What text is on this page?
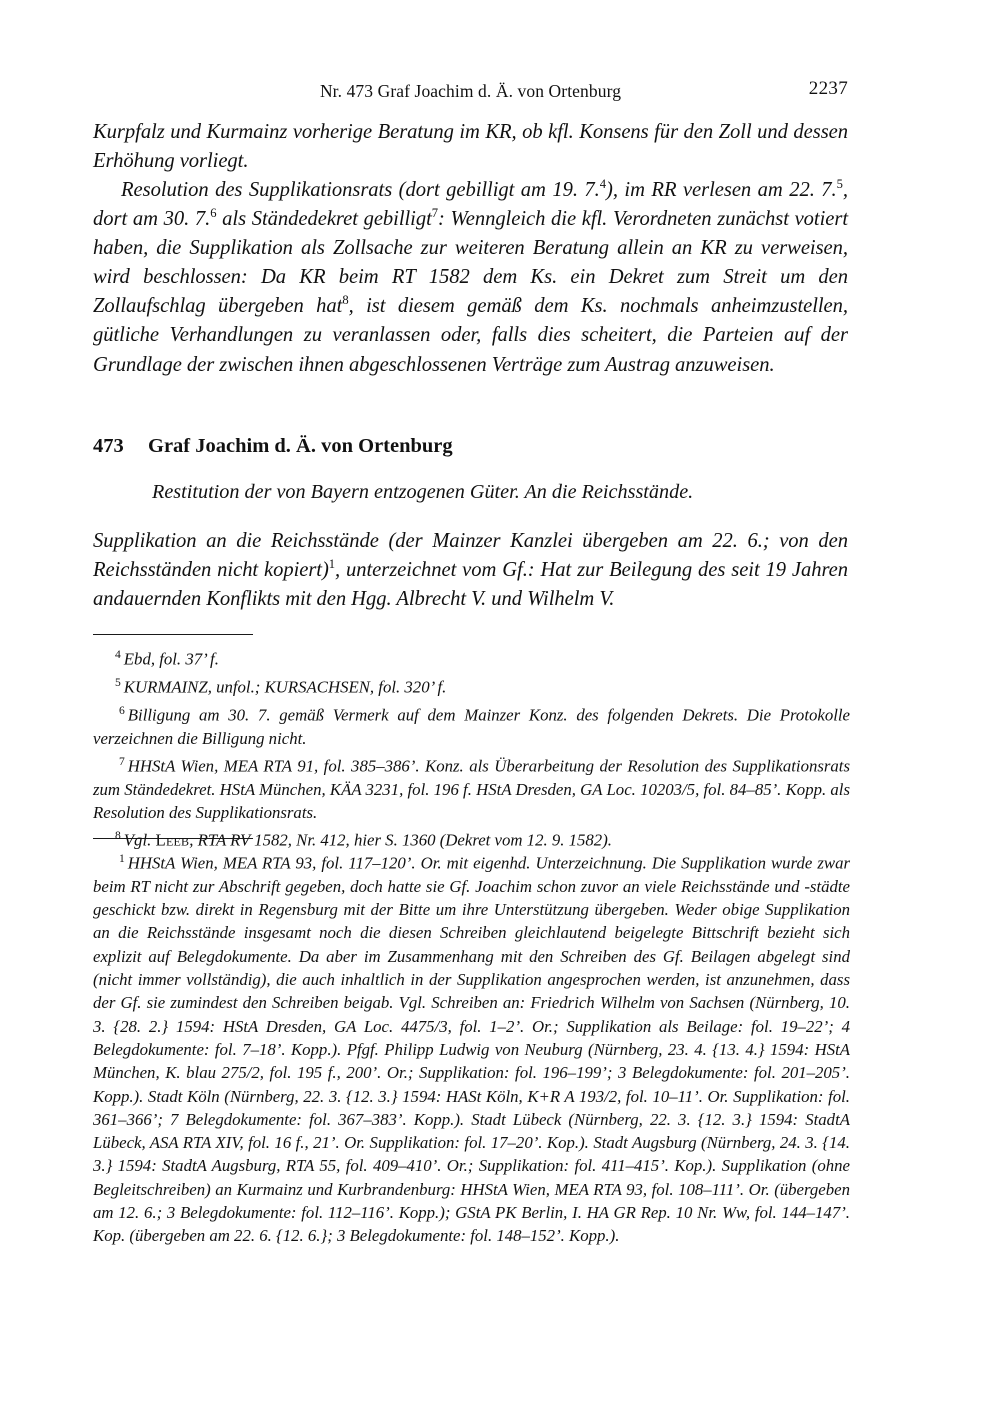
Nr. 473 Graf Joachim d. Ä. von Ortenburg	2237
Kurpfalz und Kurmainz vorherige Beratung im KR, ob kfl. Konsens für den Zoll und dessen Erhöhung vorliegt.
Resolution des Supplikationsrats (dort gebilligt am 19. 7.$^4$), im RR verlesen am 22. 7.$^5$, dort am 30. 7.$^6$ als Ständedekret gebilligt$^7$: Wenngleich die kfl. Verordneten zunächst votiert haben, die Supplikation als Zollsache zur weiteren Beratung allein an KR zu verweisen, wird beschlossen: Da KR beim RT 1582 dem Ks. ein Dekret zum Streit um den Zollaufschlag übergeben hat$^8$, ist diesem gemäß dem Ks. nochmals anheimzustellen, gütliche Verhandlungen zu veranlassen oder, falls dies scheitert, die Parteien auf der Grundlage der zwischen ihnen abgeschlossenen Verträge zum Austrag anzuweisen.
473 Graf Joachim d. Ä. von Ortenburg
Restitution der von Bayern entzogenen Güter. An die Reichsstände.
Supplikation an die Reichsstände (der Mainzer Kanzlei übergeben am 22. 6.; von den Reichsständen nicht kopiert)$^1$, unterzeichnet vom Gf.: Hat zur Beilegung des seit 19 Jahren andauernden Konflikts mit den Hgg. Albrecht V. und Wilhelm V.
$^4$ Ebd, fol. 37’ f.
$^5$ KURMAINZ, unfol.; KURSACHSEN, fol. 320’ f.
$^6$ Billigung am 30. 7. gemäß Vermerk auf dem Mainzer Konz. des folgenden Dekrets. Die Protokolle verzeichnen die Billigung nicht.
$^7$ HHStA Wien, MEA RTA 91, fol. 385–386’. Konz. als Überarbeitung der Resolution des Supplikationsrats zum Ständedekret. HStA München, KÄA 3231, fol. 196 f. HStA Dresden, GA Loc. 10203/5, fol. 84–85’. Kopp. als Resolution des Supplikationsrats.
$^8$ Vgl. Leeb, RTA RV 1582, Nr. 412, hier S. 1360 (Dekret vom 12. 9. 1582).
$^1$ HHStA Wien, MEA RTA 93, fol. 117–120’. Or. mit eigenhd. Unterzeichnung. Die Supplikation wurde zwar beim RT nicht zur Abschrift gegeben, doch hatte sie Gf. Joachim schon zuvor an viele Reichsstände und -städte geschickt bzw. direkt in Regensburg mit der Bitte um ihre Unterstützung übergeben. Weder obige Supplikation an die Reichsstände insgesamt noch die diesen Schreiben gleichlautend beigelegte Bittschrift bezieht sich explizit auf Belegdokumente. Da aber im Zusammenhang mit den Schreiben des Gf. Beilagen abgelegt sind (nicht immer vollständig), die auch inhaltlich in der Supplikation angesprochen werden, ist anzunehmen, dass der Gf. sie zumindest den Schreiben beigab. Vgl. Schreiben an: Friedrich Wilhelm von Sachsen (Nürnberg, 10. 3. {28. 2.} 1594: HStA Dresden, GA Loc. 4475/3, fol. 1–2’. Or.; Supplikation als Beilage: fol. 19–22’; 4 Belegdokumente: fol. 7–18’. Kopp.). Pfgf. Philipp Ludwig von Neuburg (Nürnberg, 23. 4. {13. 4.} 1594: HStA München, K. blau 275/2, fol. 195 f., 200’. Or.; Supplikation: fol. 196–199’; 3 Belegdokumente: fol. 201–205’. Kopp.). Stadt Köln (Nürnberg, 22. 3. {12. 3.} 1594: HASt Köln, K+R A 193/2, fol. 10–11’. Or. Supplikation: fol. 361–366’; 7 Belegdokumente: fol. 367–383’. Kopp.). Stadt Lübeck (Nürnberg, 22. 3. {12. 3.} 1594: StadtA Lübeck, ASA RTA XIV, fol. 16 f., 21’. Or. Supplikation: fol. 17–20’. Kop.). Stadt Augsburg (Nürnberg, 24. 3. {14. 3.} 1594: StadtA Augsburg, RTA 55, fol. 409–410’. Or.; Supplikation: fol. 411–415’. Kop.). Supplikation (ohne Begleitschreiben) an Kurmainz und Kurbrandenburg: HHStA Wien, MEA RTA 93, fol. 108–111’. Or. (übergeben am 12. 6.; 3 Belegdokumente: fol. 112–116’. Kopp.); GStA PK Berlin, I. HA GR Rep. 10 Nr. Ww, fol. 144–147’. Kop. (übergeben am 22. 6. {12. 6.}; 3 Belegdokumente: fol. 148–152’. Kopp.).
